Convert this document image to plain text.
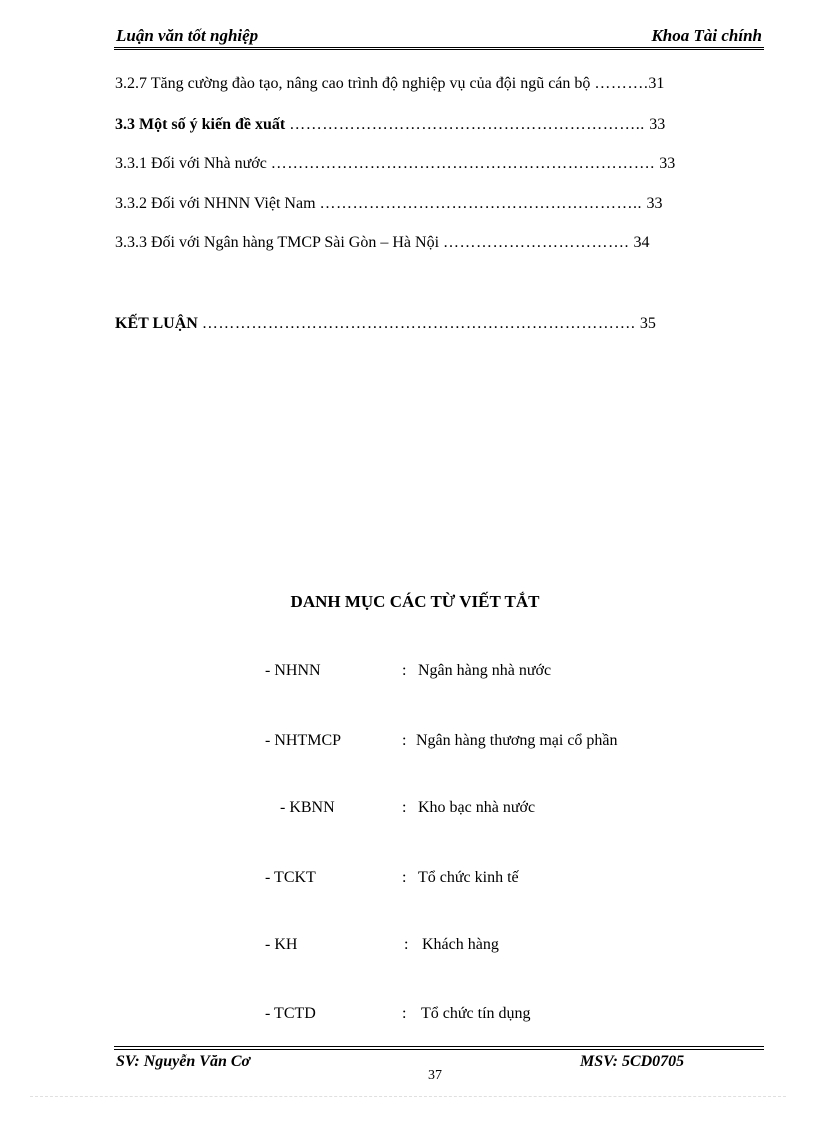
Luận văn tốt nghiệp	Khoa Tài chính
3.2.7 Tăng cường đào tạo, nâng cao trình độ nghiệp vụ của đội ngũ cán bộ ……….31
3.3 Một số ý kiến đề xuất ……………………………………………………….. 33
3.3.1 Đối với Nhà nước ……………………………………………………………. 33
3.3.2 Đối với NHNN Việt Nam ………………………………………………….. 33
3.3.3 Đối với Ngân hàng TMCP Sài Gòn – Hà Nội ……………………………. 34
KẾT LUẬN ……………………………………………………………………. 35
DANH MỤC CÁC TỪ VIẾT TẮT
- NHNN	: Ngân hàng nhà nước
- NHTMCP	: Ngân hàng thương mại cổ phần
- KBNN	: Kho bạc nhà nước
- TCKT	: Tổ chức kinh tế
- KH	: Khách hàng
- TCTD	: Tổ chức tín dụng
SV: Nguyễn Văn Cơ	MSV: 5CD0705
37
